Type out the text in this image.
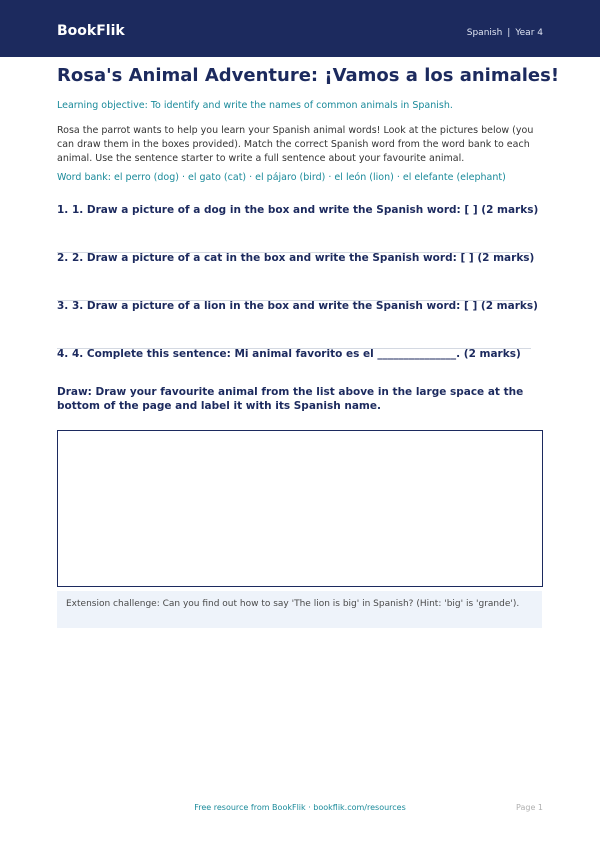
BookFlik	Spanish | Year 4
Rosa's Animal Adventure: ¡Vamos a los animales!
Learning objective: To identify and write the names of common animals in Spanish.
Rosa the parrot wants to help you learn your Spanish animal words! Look at the pictures below (you can draw them in the boxes provided). Match the correct Spanish word from the word bank to each animal. Use the sentence starter to write a full sentence about your favourite animal.
Word bank: el perro (dog) · el gato (cat) · el pájaro (bird) · el león (lion) · el elefante (elephant)
1. 1. Draw a picture of a dog in the box and write the Spanish word: [ ] (2 marks)
2. 2. Draw a picture of a cat in the box and write the Spanish word: [ ] (2 marks)
3. 3. Draw a picture of a lion in the box and write the Spanish word: [ ] (2 marks)
4. 4. Complete this sentence: Mi animal favorito es el _______________. (2 marks)
Draw: Draw your favourite animal from the list above in the large space at the bottom of the page and label it with its Spanish name.
Extension challenge: Can you find out how to say 'The lion is big' in Spanish? (Hint: 'big' is 'grande').
Free resource from BookFlik · bookflik.com/resources	Page 1
